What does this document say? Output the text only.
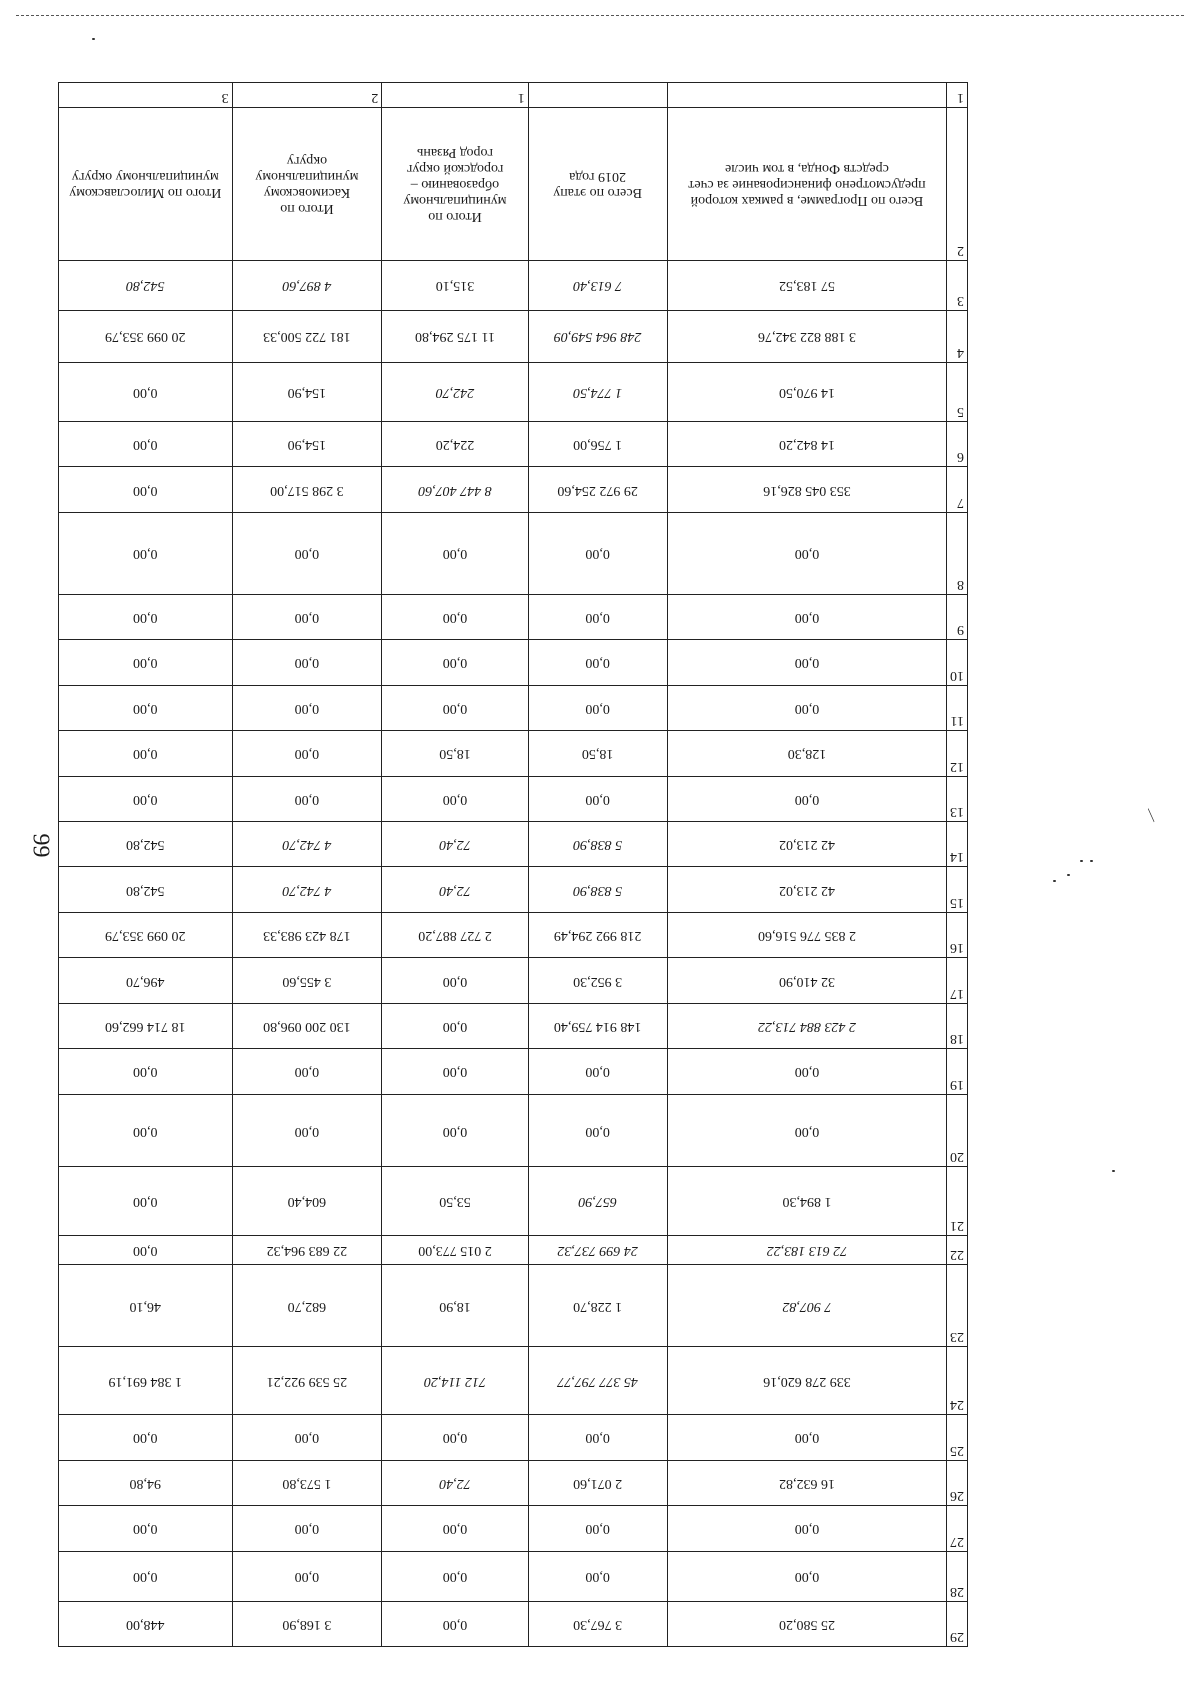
99
⁄
29	25 580,20	3 767,30	0,00	3 168,90	448,00
28	0,00	0,00	0,00	0,00	0,00
27	0,00	0,00	0,00	0,00	0,00
26	16 632,82	2 071,60	72,40	1 573,80	94,80
25	0,00	0,00	0,00	0,00	0,00
24	339 278 620,16	45 377 797,77	712 114,20	25 539 922,21	1 384 691,19
23	7 907,82	1 228,70	18,90	682,70	46,10
22	72 613 183,22	24 699 737,32	2 015 773,00	22 683 964,32	0,00
21	1 894,30	657,90	53,50	604,40	0,00
20	0,00	0,00	0,00	0,00	0,00
19	0,00	0,00	0,00	0,00	0,00
18	2 423 884 713,22	148 914 759,40	0,00	130 200 096,80	18 714 662,60
17	32 410,90	3 952,30	0,00	3 455,60	496,70
16	2 835 776 516,60	218 992 294,49	2 727 887,20	178 423 983,33	20 099 353,79
15	42 213,02	5 838,90	72,40	4 742,70	542,80
14	42 213,02	5 838,90	72,40	4 742,70	542,80
13	0,00	0,00	0,00	0,00	0,00
12	128,30	18,50	18,50	0,00	0,00
11	0,00	0,00	0,00	0,00	0,00
10	0,00	0,00	0,00	0,00	0,00
9	0,00	0,00	0,00	0,00	0,00
8	0,00	0,00	0,00	0,00	0,00
7	353 045 826,16	29 972 254,60	8 447 407,60	3 298 517,00	0,00
6	14 842,20	1 756,00	224,20	154,90	0,00
5	14 970,50	1 774,50	242,70	154,90	0,00
4	3 188 822 342,76	248 964 549,09	11 175 294,80	181 722 500,33	20 099 353,79
3	57 183,52	7 613,40	315,10	4 897,60	542,80
2	Всего по Программе, в рамках которой предусмотрено финансирование за счет средств Фонда, в том числе	Всего по этапу 2019 года	Итого по муниципальному образованию – городской округ город Рязань	Итого по Касимовскому муниципальному округу	Итого по Милославскому муниципальному округу
1			1	2	3
